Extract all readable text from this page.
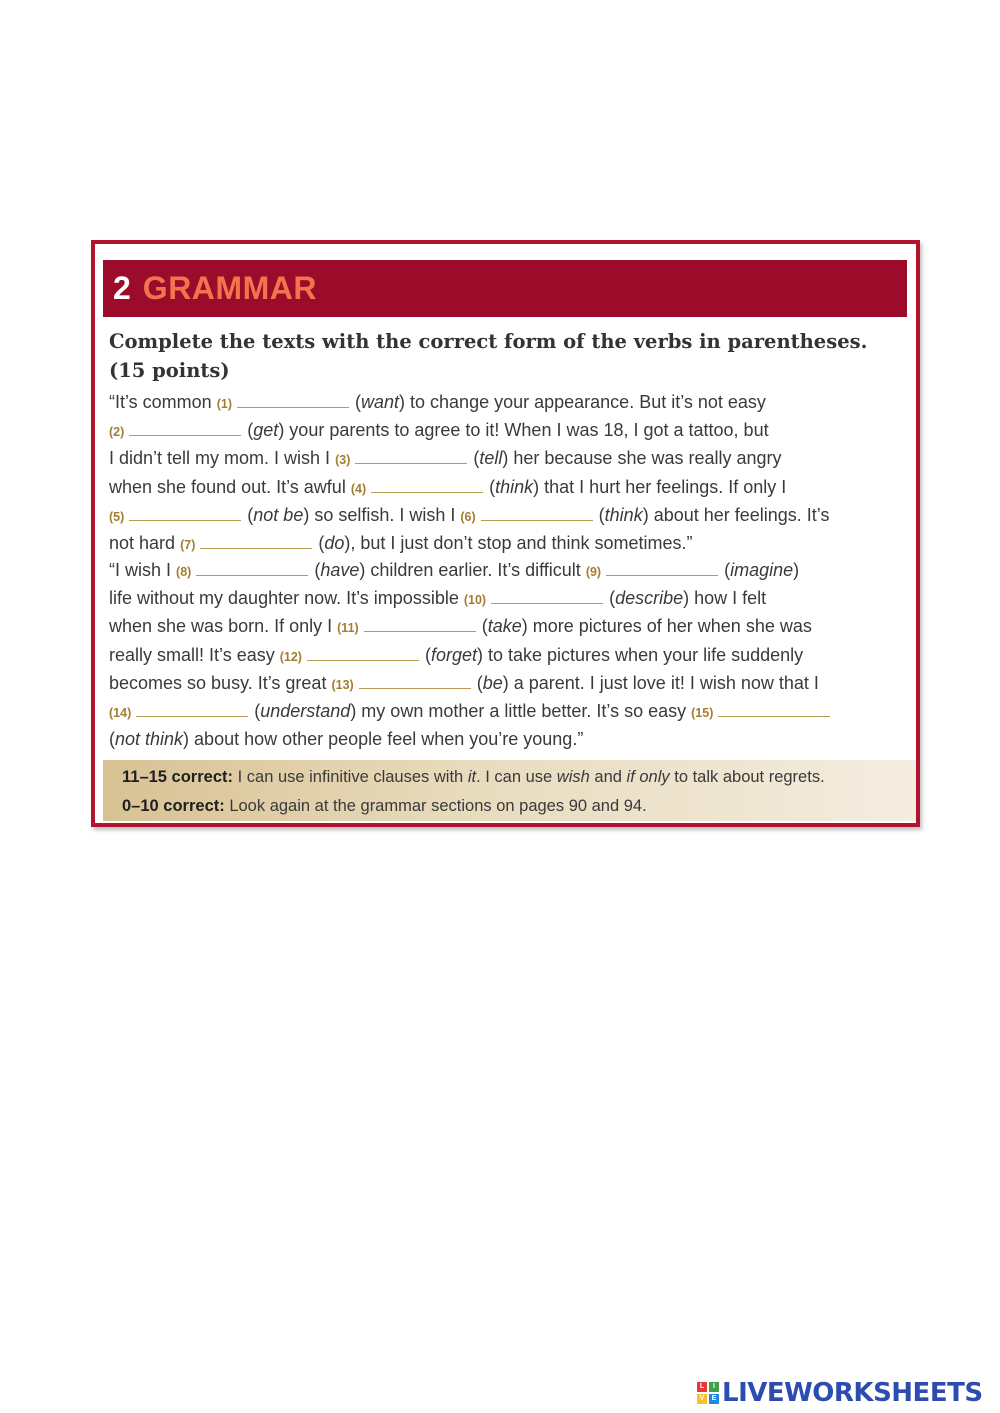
2 GRAMMAR
Complete the texts with the correct form of the verbs in parentheses.
(15 points)
“It’s common (1)	(want) to change your appearance. But it’s not easy
(2)	(get) your parents to agree to it! When I was 18, I got a tattoo, but
I didn’t tell my mom. I wish I (3)	(tell) her because she was really angry
when she found out. It’s awful (4)	(think) that I hurt her feelings. If only I
(5)	(not be) so selfish. I wish I (6)	(think) about her feelings. It’s
not hard (7)	(do), but I just don’t stop and think sometimes.”
“I wish I (8)	(have) children earlier. It’s difficult (9)	(imagine)
life without my daughter now. It’s impossible (10)	(describe) how I felt
when she was born. If only I (11)	(take) more pictures of her when she was
really small! It’s easy (12)	(forget) to take pictures when your life suddenly
becomes so busy. It’s great (13)	(be) a parent. I just love it! I wish now that I
(14)	(understand) my own mother a little better. It’s so easy (15)
(not think) about how other people feel when you’re young.”
11–15 correct: I can use infinitive clauses with it. I can use wish and if only to talk about regrets.
0–10 correct: Look again at the grammar sections on pages 90 and 94.
L	I
V	E LIVEWORKSHEETS
